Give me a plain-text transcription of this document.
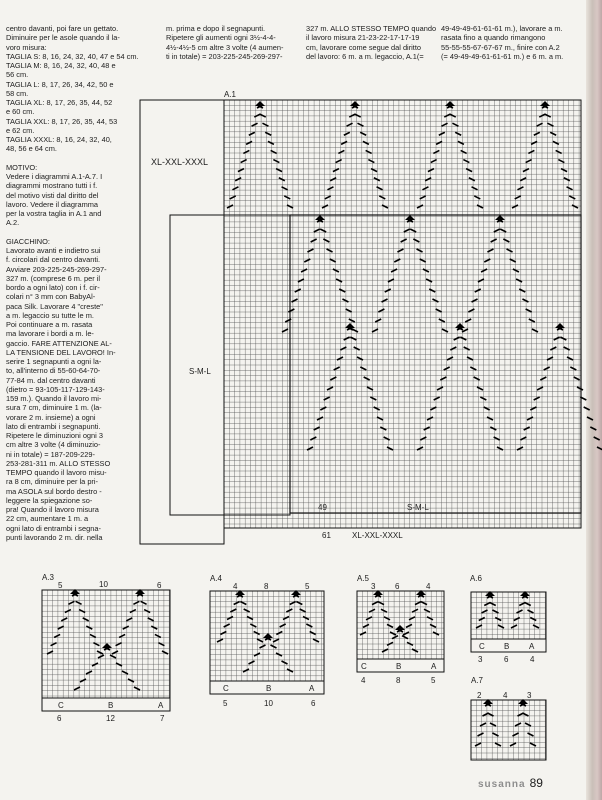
centro davanti, poi fare un gettato.
Diminuire per le asole quando il la-
voro misura:
TAGLIA S: 8, 16, 24, 32, 40, 47 e 54 cm.
TAGLIA M: 8, 16, 24, 32, 40, 48 e
56 cm.
TAGLIA L: 8, 17, 26, 34, 42, 50 e
58 cm.
TAGLIA XL: 8, 17, 26, 35, 44, 52
e 60 cm.
TAGLIA XXL: 8, 17, 26, 35, 44, 53
e 62 cm.
TAGLIA XXXL: 8, 16, 24, 32, 40,
48, 56 e 64 cm.

MOTIVO:
Vedere i diagrammi A.1-A.7. I
diagrammi mostrano tutti i f.
del motivo visti dal diritto del
lavoro. Vedere il diagramma
per la vostra taglia in A.1 and
A.2.

GIACCHINO:
Lavorato avanti e indietro sui
f. circolari dal centro davanti.
Avviare 203-225-245-269-297-
327 m. (comprese 6 m. per il
bordo a ogni lato) con i f. cir-
colari n° 3 mm con BabyAl-
paca Silk. Lavorare 4 "creste"
a m. legaccio su tutte le m.
Poi continuare a m. rasata
ma lavorare i bordi a m. le-
gaccio. FARE ATTENZIONE AL-
LA TENSIONE DEL LAVORO! In-
serire 1 segnapunti a ogni la-
to, all'interno di 55-60-64-70-
77-84 m. dal centro davanti
(dietro = 93-105-117-129-143-
159 m.). Quando il lavoro mi-
sura 7 cm, diminuire 1 m. (la-
vorare 2 m. insieme) a ogni
lato di entrambi i segnapunti.
Ripetere le diminuzioni ogni 3
cm altre 3 volte (4 diminuzio-
ni in totale) = 187-209-229-
253-281-311 m. ALLO STESSO
TEMPO quando il lavoro misu-
ra 8 cm, diminuire per la pri-
ma ASOLA sul bordo destro -
leggere la spiegazione so-
pra! Quando il lavoro misura
22 cm, aumentare 1 m. a
ogni lato di entrambi i segna-
punti lavorando 2 m. dir. nella
m. prima e dopo il segnapunti.
Ripetere gli aumenti ogni 3½-4-4-
4½-4½-5 cm altre 3 volte (4 aumen-
ti in totale) = 203-225-245-269-297-
327 m. ALLO STESSO TEMPO quando
il lavoro misura 21-23-22-17-17-19
cm, lavorare come segue dal diritto
del lavoro: 6 m. a m. legaccio, A.1(=
49-49-49-61-61-61 m.), lavorare a m.
rasata fino a quando rimangono
55-55-55-67-67-67 m., finire con A.2
(= 49-49-49-61-61-61 m.) e 6 m. a m.
A.1
XL-XXL-XXXL
S-M-L
49	S-M-L
61	XL-XXL-XXXL
A.3
5	10	6
C	B	A
6	12	7
A.4
4	8	5
C	B	A
5	10	6
A.5
3 6	4
C	B	A
4	8	5
A.6
C B A
3	6	4
A.7
2	4 3
susanna 89
